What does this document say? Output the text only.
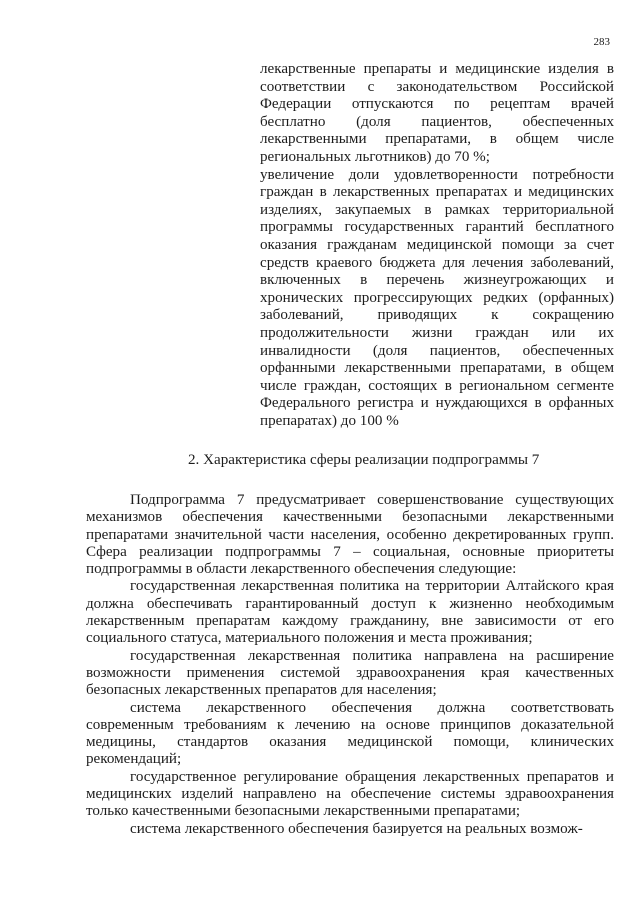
283

лекарственные препараты и медицинские изделия в соответствии с законодательством Российской Федерации отпускаются по рецептам врачей бесплатно (доля пациентов, обеспеченных лекарственными препаратами, в общем числе региональных льготников) до 70 %;

увеличение доли удовлетворенности потребности граждан в лекарственных препаратах и медицинских изделиях, закупаемых в рамках территориальной программы государственных гарантий бесплатного оказания гражданам медицинской помощи за счет средств краевого бюджета для лечения заболеваний, включенных в перечень жизнеугрожающих и хронических прогрессирующих редких (орфанных) заболеваний, приводящих к сокращению продолжительности жизни граждан или их инвалидности (доля пациентов, обеспеченных орфанными лекарственными препаратами, в общем числе граждан, состоящих в региональном сегменте Федерального регистра и нуждающихся в орфанных препаратах) до 100 %

2. Характеристика сферы реализации подпрограммы 7

Подпрограмма 7 предусматривает совершенствование существующих механизмов обеспечения качественными безопасными лекарственными препаратами значительной части населения, особенно декретированных групп. Сфера реализации подпрограммы 7 – социальная, основные приоритеты подпрограммы в области лекарственного обеспечения следующие:

государственная лекарственная политика на территории Алтайского края должна обеспечивать гарантированный доступ к жизненно необходимым лекарственным препаратам каждому гражданину, вне зависимости от его социального статуса, материального положения и места проживания;

государственная лекарственная политика направлена на расширение возможности применения системой здравоохранения края качественных безопасных лекарственных препаратов для населения;

система лекарственного обеспечения должна соответствовать современным требованиям к лечению на основе принципов доказательной медицины, стандартов оказания медицинской помощи, клинических рекомендаций;

государственное регулирование обращения лекарственных препаратов и медицинских изделий направлено на обеспечение системы здравоохранения только качественными безопасными лекарственными препаратами;

система лекарственного обеспечения базируется на реальных возмож-
